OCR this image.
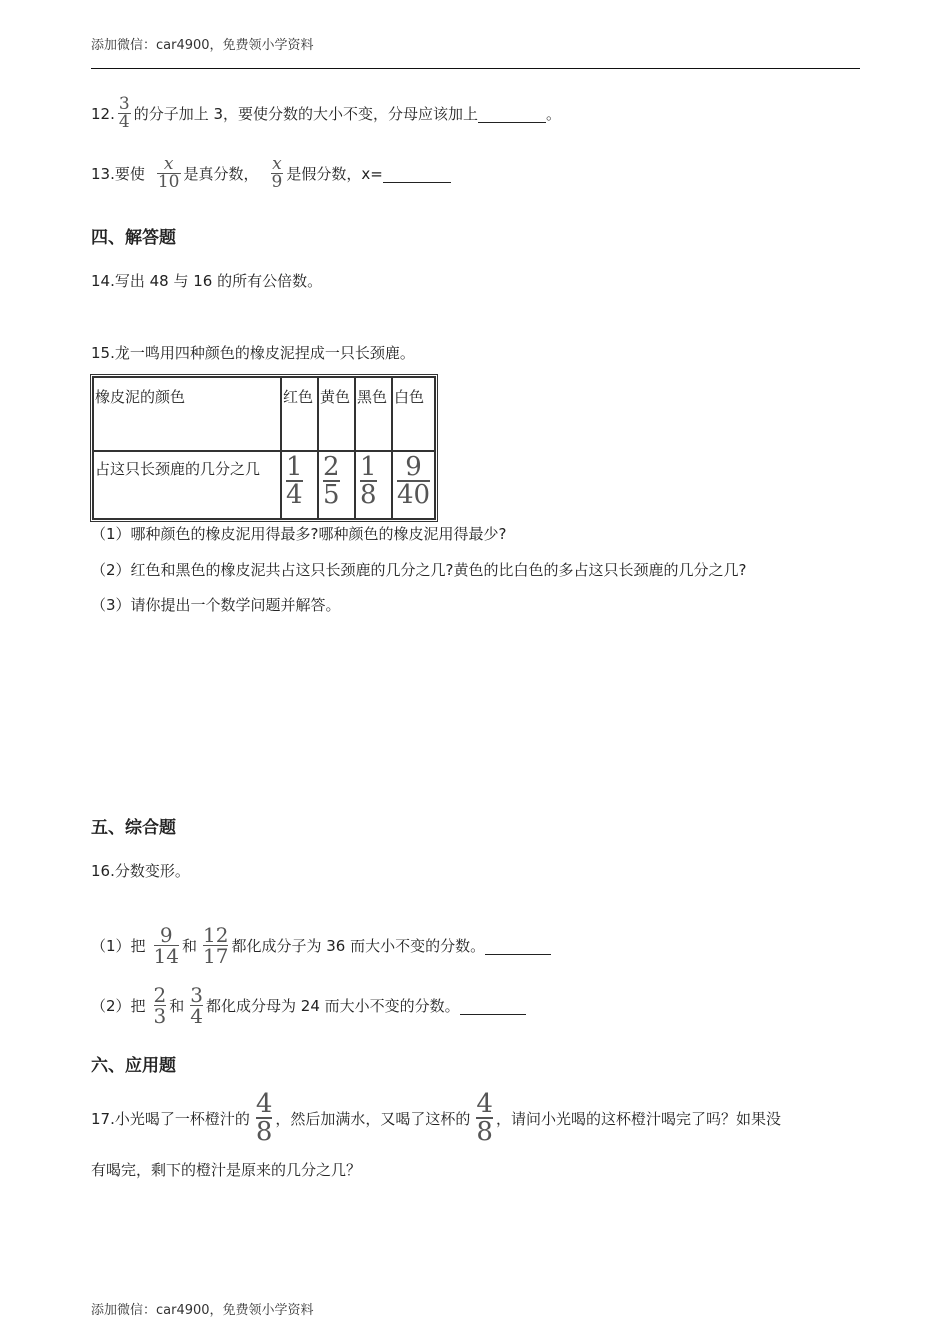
添加微信：car4900，免费领小学资料
12. $\frac{3}{4}$ 的分子加上 3，要使分数的大小不变，分母应该加上	。
13.要使 $\frac{x}{10}$ 是真分数， $\frac{x}{9}$ 是假分数，x=
四、解答题
14.写出 48 与 16 的所有公倍数。
15.龙一鸣用四种颜色的橡皮泥捏成一只长颈鹿。
橡皮泥的颜色	红色	黄色	黑色	白色
占这只长颈鹿的几分之几	$\frac{1}{4}$	$\frac{2}{5}$	$\frac{1}{8}$	$\frac{9}{40}$
（1）哪种颜色的橡皮泥用得最多?哪种颜色的橡皮泥用得最少?
（2）红色和黑色的橡皮泥共占这只长颈鹿的几分之几?黄色的比白色的多占这只长颈鹿的几分之几?
（3）请你提出一个数学问题并解答。
五、综合题
16.分数变形。
（1）把 $\frac{9}{14}$ 和 $\frac{12}{17}$ 都化成分子为 36 而大小不变的分数。
（2）把 $\frac{2}{3}$ 和 $\frac{3}{4}$ 都化成分母为 24 而大小不变的分数。
六、应用题
17.小光喝了一杯橙汁的 $\frac{4}{8}$ ，然后加满水，又喝了这杯的 $\frac{4}{8}$ ，请问小光喝的这杯橙汁喝完了吗？如果没
有喝完，剩下的橙汁是原来的几分之几？
添加微信：car4900，免费领小学资料
